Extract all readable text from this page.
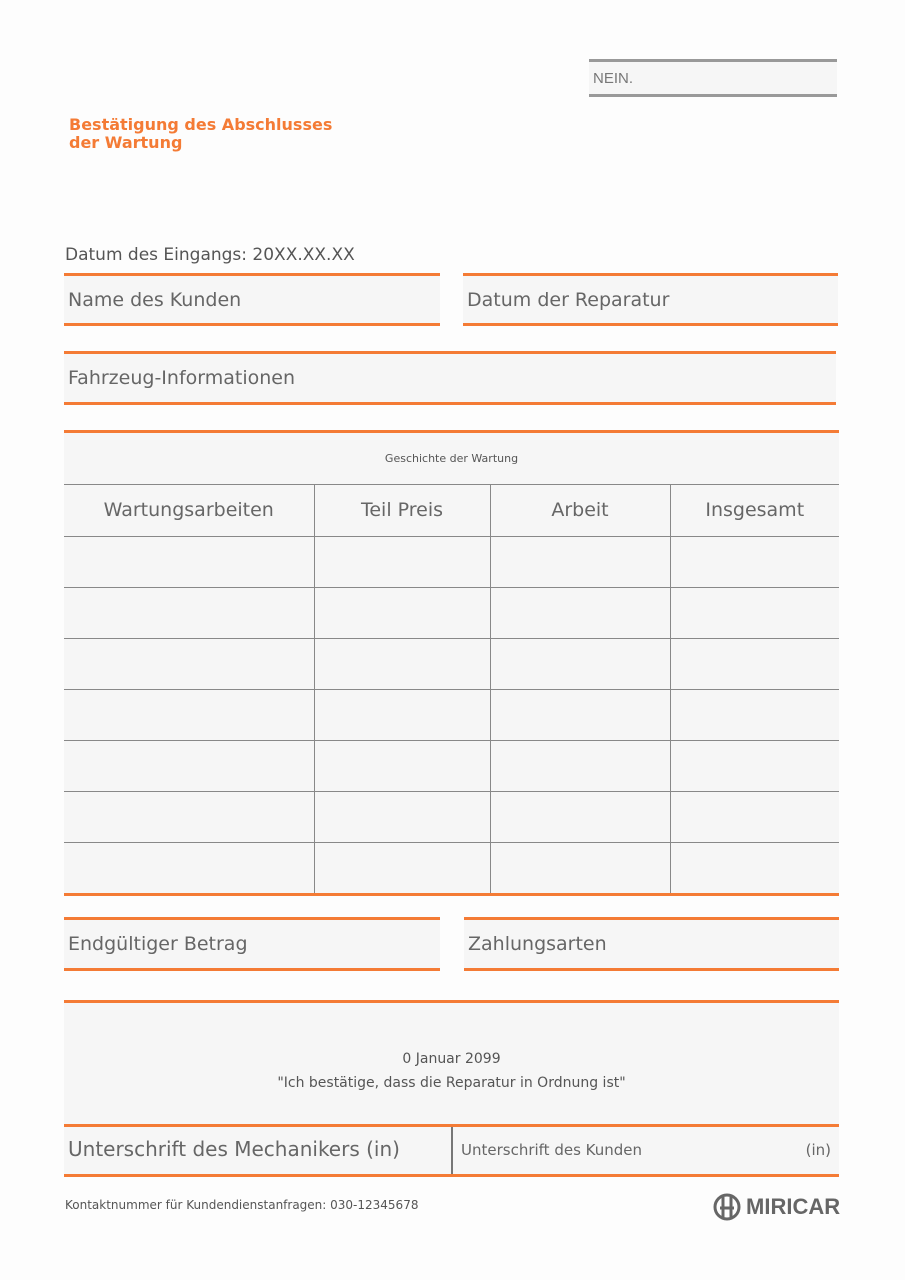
NEIN.
Bestätigung des Abschlusses
der Wartung
Datum des Eingangs: 20XX.XX.XX
Name des Kunden	Datum der Reparatur
Fahrzeug-Informationen
Geschichte der Wartung
Wartungsarbeiten	Teil Preis	Arbeit	Insgesamt

Endgültiger Betrag	Zahlungsarten
0 Januar 2099
"Ich bestätige, dass die Reparatur in Ordnung ist"
Unterschrift des Mechanikers (in)	Unterschrift des Kunden	(in)
Kontaktnummer für Kundendienstanfragen: 030-12345678	MIRICAR
